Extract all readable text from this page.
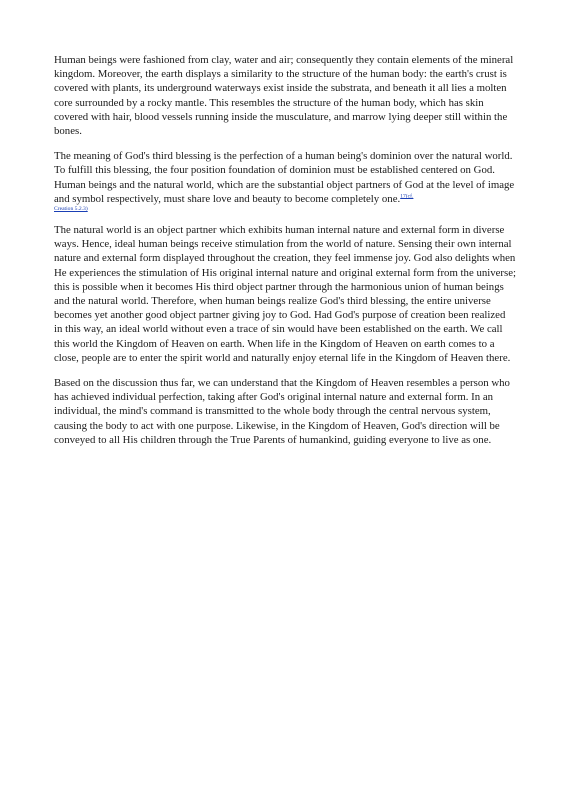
Human beings were fashioned from clay, water and air; consequently they contain elements of the mineral kingdom. Moreover, the earth displays a similarity to the structure of the human body: the earth's crust is covered with plants, its underground waterways exist inside the substrata, and beneath it all lies a molten core surrounded by a rocky mantle. This resembles the structure of the human body, which has skin covered with hair, blood vessels running inside the musculature, and marrow lying deeper still within the bones.

The meaning of God's third blessing is the perfection of a human being's dominion over the natural world. To fulfill this blessing, the four position foundation of dominion must be established centered on God. Human beings and the natural world, which are the substantial object partners of God at the level of image and symbol respectively, must share love and beauty to become completely one.$^{17(cf.}$
Creation 5.2.3)

The natural world is an object partner which exhibits human internal nature and external form in diverse ways. Hence, ideal human beings receive stimulation from the world of nature. Sensing their own internal nature and external form displayed throughout the creation, they feel immense joy. God also delights when He experiences the stimulation of His original internal nature and original external form from the universe; this is possible when it becomes His third object partner through the harmonious union of human beings and the natural world. Therefore, when human beings realize God's third blessing, the entire universe becomes yet another good object partner giving joy to God. Had God's purpose of creation been realized in this way, an ideal world without even a trace of sin would have been established on the earth. We call this world the Kingdom of Heaven on earth. When life in the Kingdom of Heaven on earth comes to a close, people are to enter the spirit world and naturally enjoy eternal life in the Kingdom of Heaven there.

Based on the discussion thus far, we can understand that the Kingdom of Heaven resembles a person who has achieved individual perfection, taking after God's original internal nature and external form. In an individual, the mind's command is transmitted to the whole body through the central nervous system, causing the body to act with one purpose. Likewise, in the Kingdom of Heaven, God's direction will be conveyed to all His children through the True Parents of humankind, guiding everyone to live as one.
